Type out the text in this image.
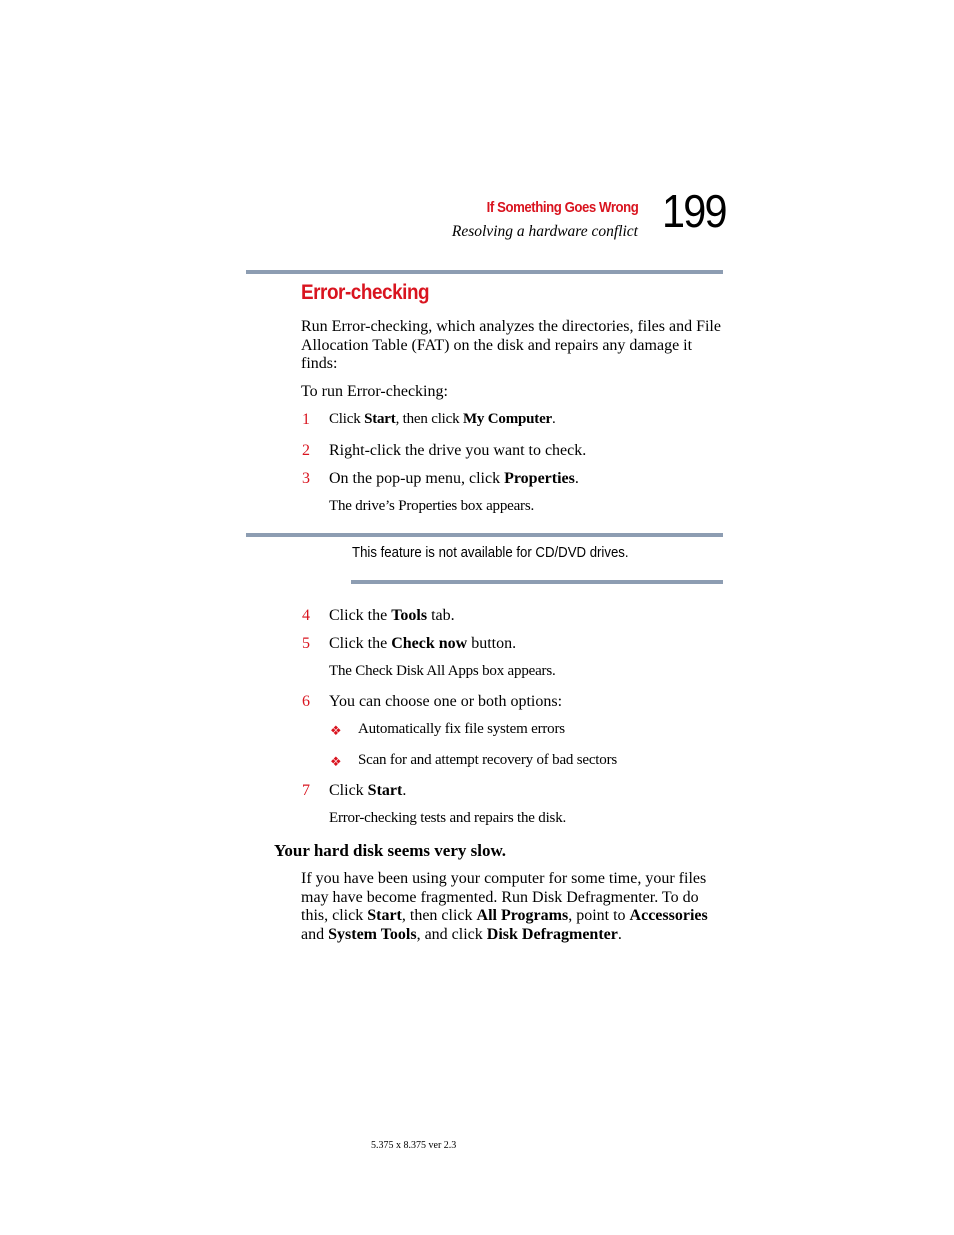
If Something Goes Wrong
Resolving a hardware conflict 199
Error-checking
Run Error-checking, which analyzes the directories, files and File Allocation Table (FAT) on the disk and repairs any damage it finds:
To run Error-checking:
1 Click Start, then click My Computer.
2 Right-click the drive you want to check.
3 On the pop-up menu, click Properties.
The drive’s Properties box appears.
This feature is not available for CD/DVD drives.
4 Click the Tools tab.
5 Click the Check now button.
The Check Disk All Apps box appears.
6 You can choose one or both options:
❖ Automatically fix file system errors
❖ Scan for and attempt recovery of bad sectors
7 Click Start.
Error-checking tests and repairs the disk.
Your hard disk seems very slow.
If you have been using your computer for some time, your files may have become fragmented. Run Disk Defragmenter. To do this, click Start, then click All Programs, point to Accessories and System Tools, and click Disk Defragmenter.
5.375 x 8.375 ver 2.3
